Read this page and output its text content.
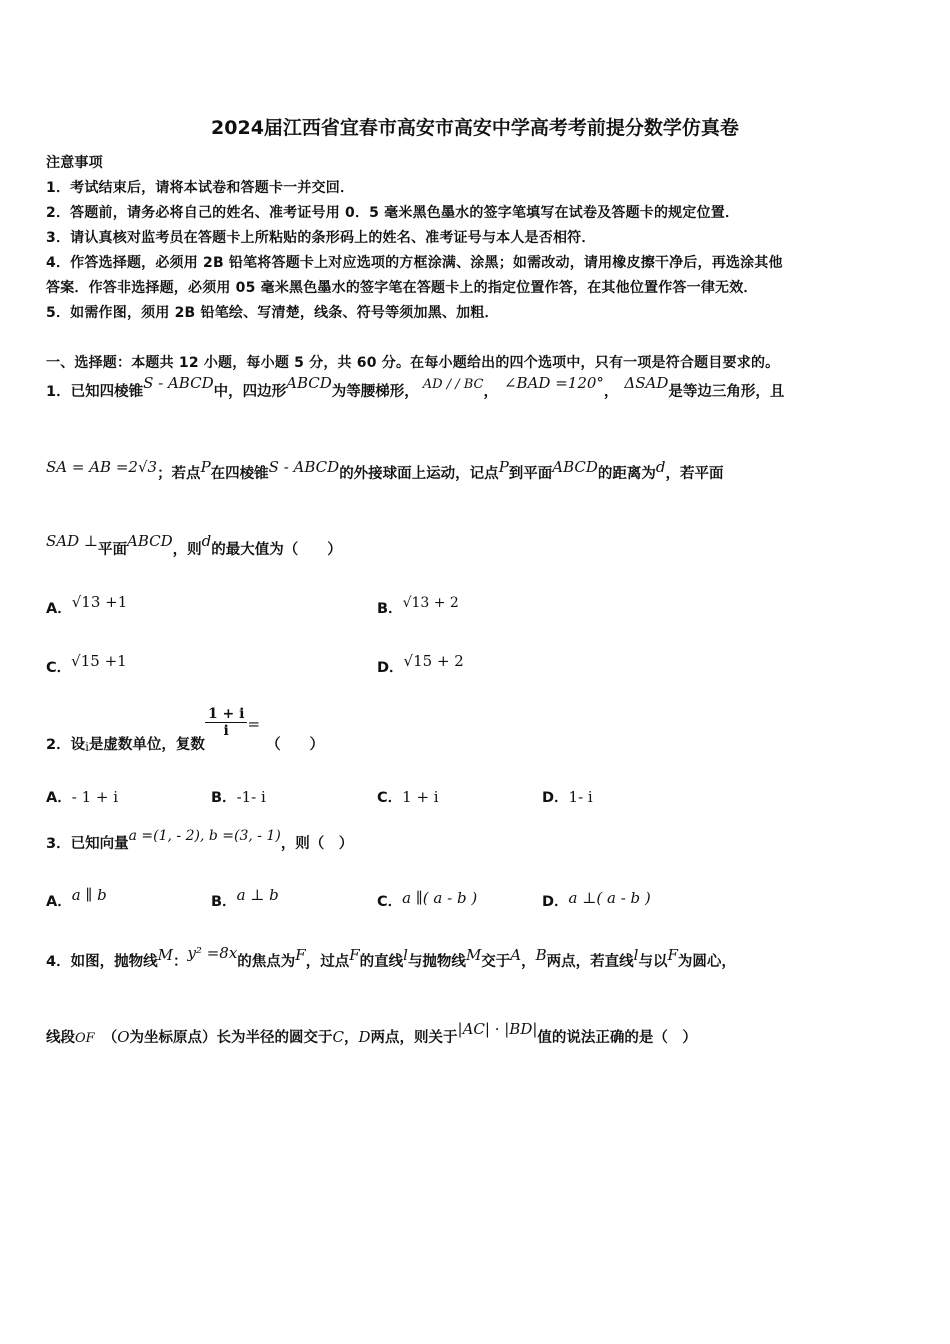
2024届江西省宜春市高安市高安中学高考考前提分数学仿真卷
注意事项
1．考试结束后，请将本试卷和答题卡一并交回．
2．答题前，请务必将自己的姓名、准考证号用 0．5 毫米黑色墨水的签字笔填写在试卷及答题卡的规定位置．
3．请认真核对监考员在答题卡上所粘贴的条形码上的姓名、准考证号与本人是否相符．
4．作答选择题，必须用 2B 铅笔将答题卡上对应选项的方框涂满、涂黑；如需改动，请用橡皮擦干净后，再选涂其他
答案．作答非选择题，必须用 05 毫米黑色墨水的签字笔在答题卡上的指定位置作答，在其他位置作答一律无效．
5．如需作图，须用 2B 铅笔绘、写清楚，线条、符号等须加黑、加粗．
一、选择题：本题共 12 小题，每小题 5 分，共 60 分。在每小题给出的四个选项中，只有一项是符合题目要求的。
1．已知四棱锥S - ABCD中，四边形ABCD为等腰梯形， AD / / BC， ∠BAD =120°， ΔSAD是等边三角形，且
SA = AB =2√3；若点P在四棱锥S - ABCD的外接球面上运动，记点P到平面ABCD的距离为d，若平面
SAD ⊥平面ABCD，则d的最大值为（　　）
A．√13 +1	B．√13 + 2
C．√15 +1	D．√15 + 2
2．设$_i$是虚数单位，复数
$\frac{1 + i}{i}$ =（　　）
A．- 1 + i	B．-1- i	C．1 + i	D．1- i
3．已知向量a =(1, - 2), b =(3, - 1)，则（　）
A．a ∥ b	B．a ⊥ b	C．a ∥( a - b )	D．a ⊥( a - b )
4．如图，抛物线M：y² =8x的焦点为F，过点F的直线l与抛物线M交于A，B两点，若直线l与以F为圆心，
线段OF （O为坐标原点）长为半径的圆交于C，D两点，则关于|AC| · |BD|值的说法正确的是（　）
